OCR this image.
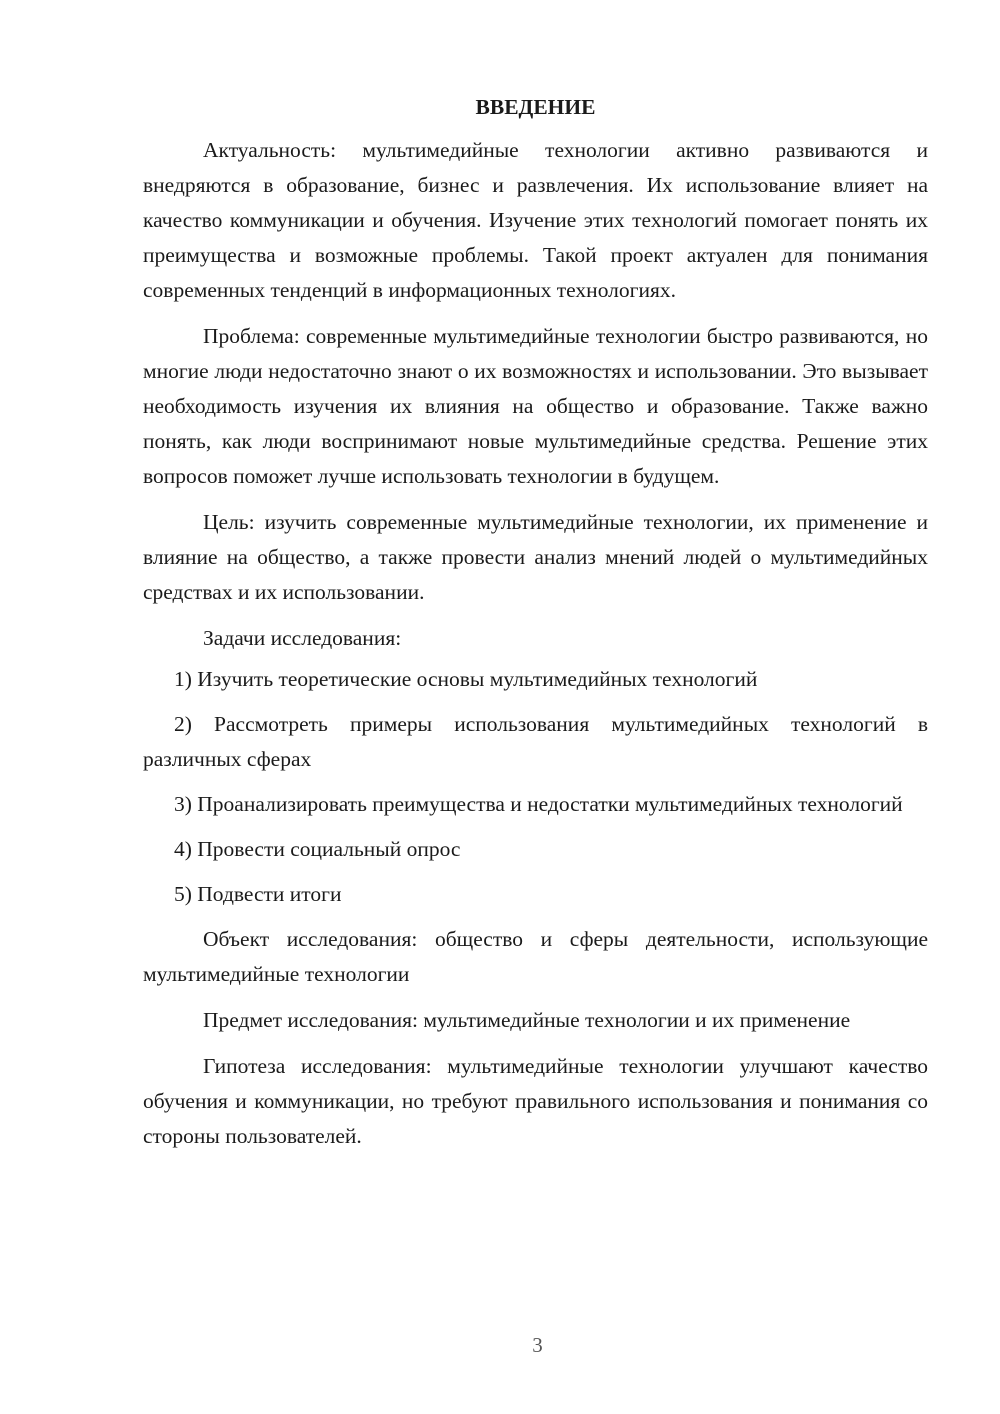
ВВЕДЕНИЕ

Актуальность: мультимедийные технологии активно развиваются и внедряются в образование, бизнес и развлечения. Их использование влияет на качество коммуникации и обучения. Изучение этих технологий помогает понять их преимущества и возможные проблемы. Такой проект актуален для понимания современных тенденций в информационных технологиях.

Проблема: современные мультимедийные технологии быстро развиваются, но многие люди недостаточно знают о их возможностях и использовании. Это вызывает необходимость изучения их влияния на общество и образование. Также важно понять, как люди воспринимают новые мультимедийные средства. Решение этих вопросов поможет лучше использовать технологии в будущем.

Цель: изучить современные мультимедийные технологии, их применение и влияние на общество, а также провести анализ мнений людей о мультимедийных средствах и их использовании.

Задачи исследования:

1) Изучить теоретические основы мультимедийных технологий

2) Рассмотреть примеры использования мультимедийных технологий в различных сферах

3) Проанализировать преимущества и недостатки мультимедийных технологий

4) Провести социальный опрос

5) Подвести итоги

Объект исследования: общество и сферы деятельности, использующие мультимедийные технологии

Предмет исследования: мультимедийные технологии и их применение

Гипотеза исследования: мультимедийные технологии улучшают качество обучения и коммуникации, но требуют правильного использования и понимания со стороны пользователей.

3
